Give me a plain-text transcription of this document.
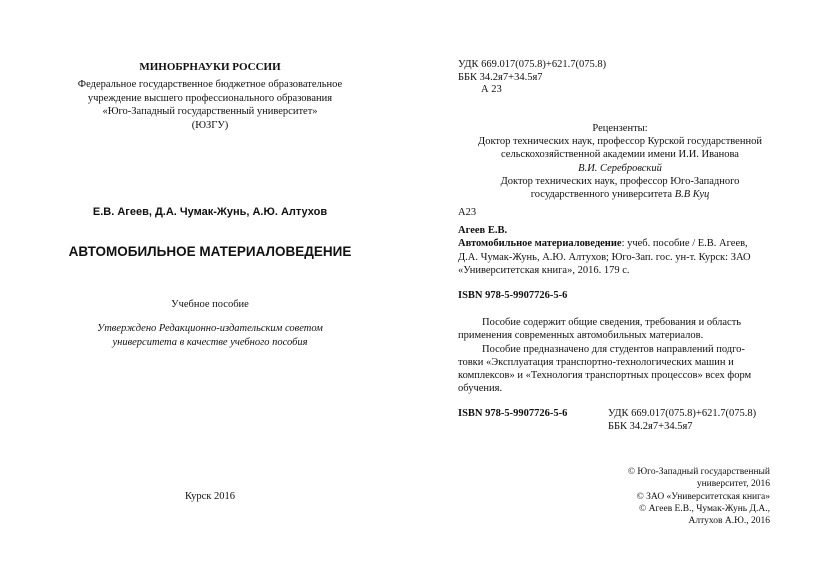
МИНОБРНАУКИ РОССИИ
Федеральное государственное бюджетное образовательное
учреждение высшего профессионального образования
«Юго-Западный государственный университет»
(ЮЗГУ)
Е.В. Агеев, Д.А. Чумак-Жунь, А.Ю. Алтухов
АВТОМОБИЛЬНОЕ МАТЕРИАЛОВЕДЕНИЕ
Учебное пособие
Утверждено Редакционно-издательским советом
университета в качестве учебного пособия
Курск 2016
УДК 669.017(075.8)+621.7(075.8)
ББК 34.2я7+34.5я7
А 23
Рецензенты:
Доктор технических наук, профессор Курской государственной
сельскохозяйственной академии имени И.И. Иванова
В.И. Серебровский
Доктор технических наук, профессор Юго-Западного
государственного университета В.В Куц
А23
Агеев Е.В.
Автомобильное материаловедение: учеб. пособие / Е.В. Агеев,
Д.А. Чумак-Жунь, А.Ю. Алтухов; Юго-Зап. гос. ун-т. Курск: ЗАО
«Университетская книга», 2016. 179 с.
ISBN 978-5-9907726-5-6
Пособие содержит общие сведения, требования и область
применения современных автомобильных материалов.
Пособие предназначено для студентов направлений подго-
товки «Эксплуатация транспортно-технологических машин и
комплексов» и «Технология транспортных процессов» всех форм
обучения.
ISBN 978-5-9907726-5-6	УДК 669.017(075.8)+621.7(075.8)
ББК 34.2я7+34.5я7
© Юго-Западный государственный
университет, 2016
© ЗАО «Университетская книга»
© Агеев Е.В., Чумак-Жунь Д.А.,
Алтухов А.Ю., 2016
